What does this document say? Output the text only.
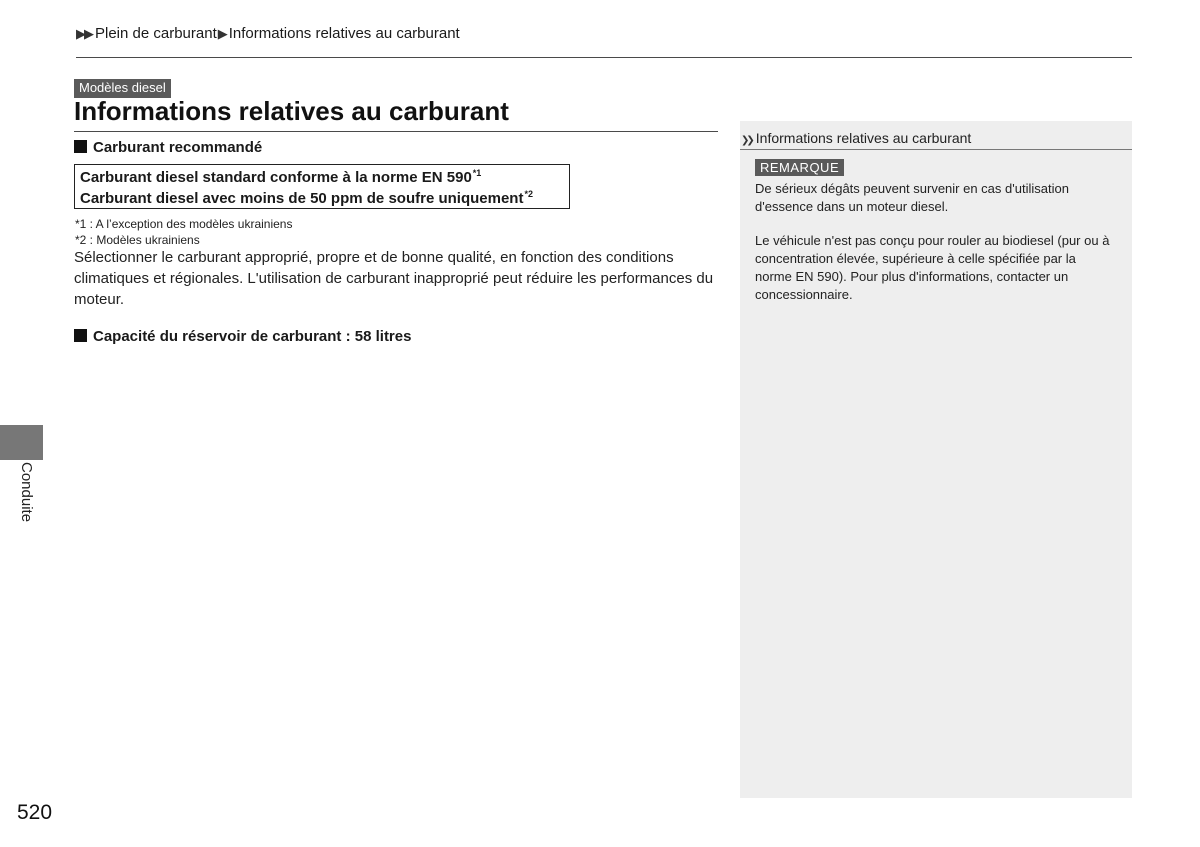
▶▶ Plein de carburant▶Informations relatives au carburant
Modèles diesel
Informations relatives au carburant
Carburant recommandé
Carburant diesel standard conforme à la norme EN 590$^{*1}$
Carburant diesel avec moins de 50 ppm de soufre uniquement$^{*2}$
*1 : A l’exception des modèles ukrainiens
*2 : Modèles ukrainiens
Sélectionner le carburant approprié, propre et de bonne qualité, en fonction des conditions climatiques et régionales. L'utilisation de carburant inapproprié peut réduire les performances du moteur.
Capacité du réservoir de carburant : 58 litres
❯❯ Informations relatives au carburant
REMARQUE
De sérieux dégâts peuvent survenir en cas d'utilisation d'essence dans un moteur diesel.
Le véhicule n'est pas conçu pour rouler au biodiesel (pur ou à concentration élevée, supérieure à celle spécifiée par la norme EN 590). Pour plus d'informations, contacter un concessionnaire.
Conduite
520
